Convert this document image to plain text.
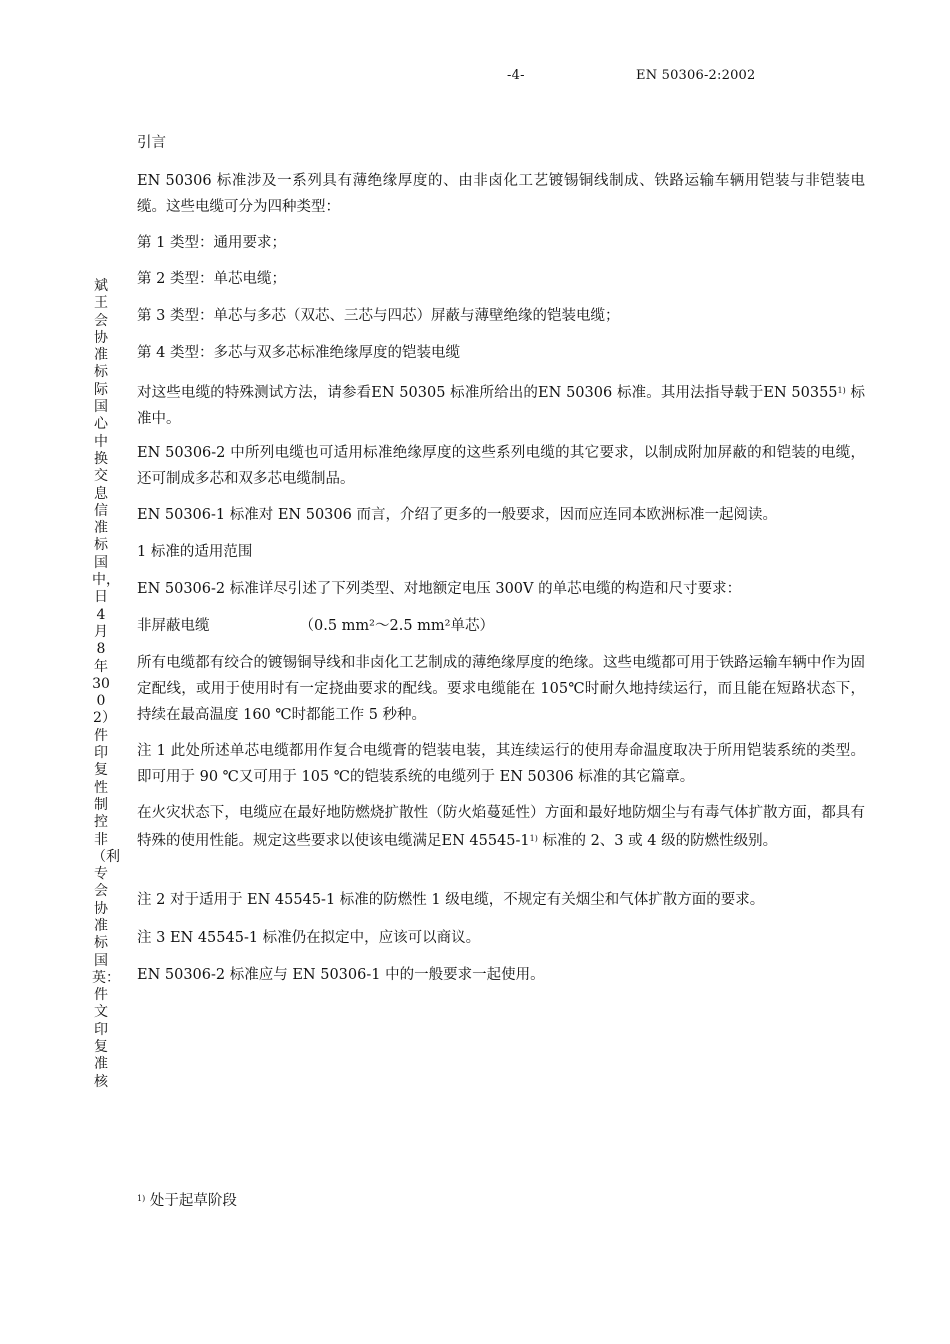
-4-	EN 50306-2:2002
斌王会协准标际国心中换交息信准标国中，日4月8年3002）件印复性制控非（利专会协准标国英：件文印复准核

引言

EN 50306 标准涉及一系列具有薄绝缘厚度的、由非卤化工艺镀锡铜线制成、铁路运输车辆用铠装与非铠装电缆。这些电缆可分为四种类型：

第 1 类型：通用要求；

第 2 类型：单芯电缆；

第 3 类型：单芯与多芯（双芯、三芯与四芯）屏蔽与薄壁绝缘的铠装电缆；

第 4 类型：多芯与双多芯标准绝缘厚度的铠装电缆

对这些电缆的特殊测试方法，请参看EN 50305 标准所给出的EN 50306 标准。其用法指导载于EN 50355$^{1)}$ 标准中。

EN 50306-2 中所列电缆也可适用标准绝缘厚度的这些系列电缆的其它要求，以制成附加屏蔽的和铠装的电缆，还可制成多芯和双多芯电缆制品。

EN 50306-1 标准对 EN 50306 而言，介绍了更多的一般要求，因而应连同本欧洲标准一起阅读。

1 标准的适用范围

EN 50306-2 标准详尽引述了下列类型、对地额定电压 300V 的单芯电缆的构造和尺寸要求：

非屏蔽电缆	（0.5 mm²～2.5 mm²单芯）

所有电缆都有绞合的镀锡铜导线和非卤化工艺制成的薄绝缘厚度的绝缘。这些电缆都可用于铁路运输车辆中作为固定配线，或用于使用时有一定挠曲要求的配线。要求电缆能在 105℃时耐久地持续运行，而且能在短路状态下，持续在最高温度 160 ℃时都能工作 5 秒种。

注 1 此处所述单芯电缆都用作复合电缆膏的铠装电装，其连续运行的使用寿命温度取决于所用铠装系统的类型。即可用于 90 ℃又可用于 105 ℃的铠装系统的电缆列于 EN 50306 标准的其它篇章。

在火灾状态下，电缆应在最好地防燃烧扩散性（防火焰蔓延性）方面和最好地防烟尘与有毒气体扩散方面，都具有特殊的使用性能。规定这些要求以使该电缆满足EN 45545-1$^{1)}$ 标准的 2、3 或 4 级的防燃性级别。

注 2 对于适用于 EN 45545-1 标准的防燃性 1 级电缆，不规定有关烟尘和气体扩散方面的要求。

注 3 EN 45545-1 标准仍在拟定中，应该可以商议。

EN 50306-2 标准应与 EN 50306-1 中的一般要求一起使用。

$^{1)}$ 处于起草阶段
